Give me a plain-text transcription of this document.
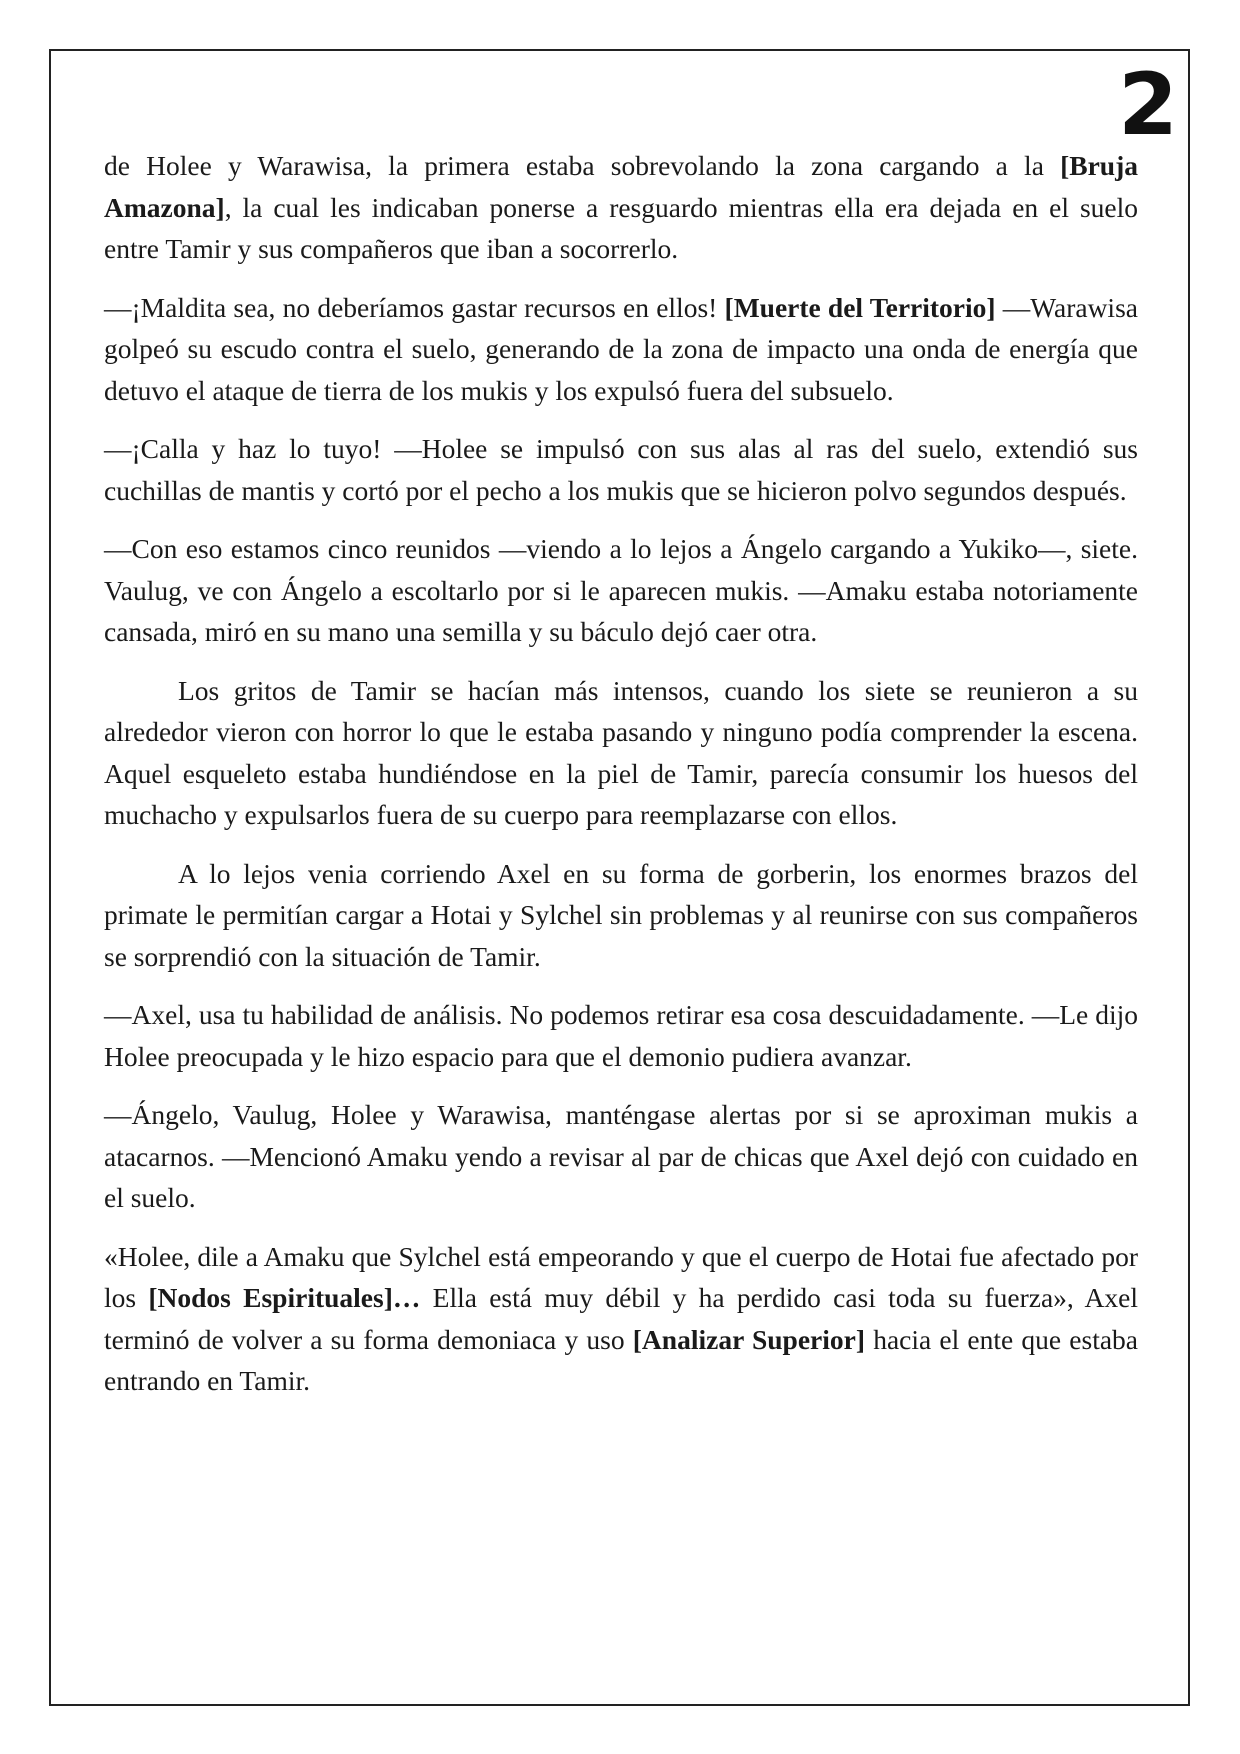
2

de Holee y Warawisa, la primera estaba sobrevolando la zona cargando a la [Bruja Amazona], la cual les indicaban ponerse a resguardo mientras ella era dejada en el suelo entre Tamir y sus compañeros que iban a socorrerlo.

—¡Maldita sea, no deberíamos gastar recursos en ellos! [Muerte del Territorio] —Warawisa golpeó su escudo contra el suelo, generando de la zona de impacto una onda de energía que detuvo el ataque de tierra de los mukis y los expulsó fuera del subsuelo.

—¡Calla y haz lo tuyo! —Holee se impulsó con sus alas al ras del suelo, extendió sus cuchillas de mantis y cortó por el pecho a los mukis que se hicieron polvo segundos después.

—Con eso estamos cinco reunidos —viendo a lo lejos a Ángelo cargando a Yukiko—, siete. Vaulug, ve con Ángelo a escoltarlo por si le aparecen mukis. —Amaku estaba notoriamente cansada, miró en su mano una semilla y su báculo dejó caer otra.

Los gritos de Tamir se hacían más intensos, cuando los siete se reunieron a su alrededor vieron con horror lo que le estaba pasando y ninguno podía comprender la escena. Aquel esqueleto estaba hundiéndose en la piel de Tamir, parecía consumir los huesos del muchacho y expulsarlos fuera de su cuerpo para reemplazarse con ellos.

A lo lejos venia corriendo Axel en su forma de gorberin, los enormes brazos del primate le permitían cargar a Hotai y Sylchel sin problemas y al reunirse con sus compañeros se sorprendió con la situación de Tamir.

—Axel, usa tu habilidad de análisis. No podemos retirar esa cosa descuidadamente. —Le dijo Holee preocupada y le hizo espacio para que el demonio pudiera avanzar.

—Ángelo, Vaulug, Holee y Warawisa, manténgase alertas por si se aproximan mukis a atacarnos. —Mencionó Amaku yendo a revisar al par de chicas que Axel dejó con cuidado en el suelo.

«Holee, dile a Amaku que Sylchel está empeorando y que el cuerpo de Hotai fue afectado por los [Nodos Espirituales]… Ella está muy débil y ha perdido casi toda su fuerza», Axel terminó de volver a su forma demoniaca y uso [Analizar Superior] hacia el ente que estaba entrando en Tamir.
